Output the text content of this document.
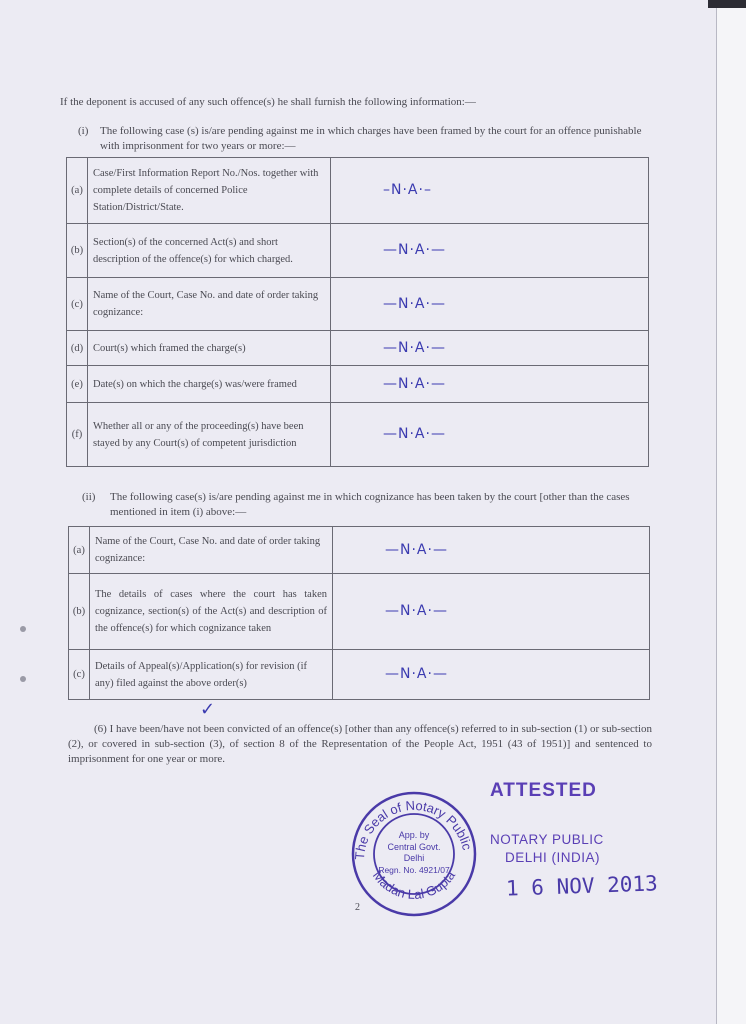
If the deponent is accused of any such offence(s) he shall furnish the following information:—
(i)	The following case (s) is/are pending against me in which charges have been framed by the court for an offence punishable with imprisonment for two years or more:—
(a)	Case/First Information Report No./Nos. together with complete details of concerned Police Station/District/State.	–N·A·–
(b)	Section(s) of the concerned Act(s) and short description of the offence(s) for which charged.	—N·A·—
(c)	Name of the Court, Case No. and date of order taking cognizance:	—N·A·—
(d)	Court(s) which framed the charge(s)	—N·A·—
(e)	Date(s) on which the charge(s) was/were framed	—N·A·—
(f)	Whether all or any of the proceeding(s) have been stayed by any Court(s) of competent jurisdiction	—N·A·—
(ii)	The following case(s) is/are pending against me in which cognizance has been taken by the court [other than the cases mentioned in item (i) above:—
(a)	Name of the Court, Case No. and date of order taking cognizance:	—N·A·—
(b)	The details of cases where the court has taken cognizance, section(s) of the Act(s) and description of the offence(s) for which cognizance taken	—N·A·—
(c)	Details of Appeal(s)/Application(s) for revision (if any) filed against the above order(s)	—N·A·—
✓
(6) I have been/have not been convicted of an offence(s) [other than any offence(s) referred to in sub-section (1) or sub-section (2), or covered in sub-section (3), of section 8 of the Representation of the People Act, 1951 (43 of 1951)] and sentenced to imprisonment for one year or more.
2
The Seal of Notary Public
Madan Lal Gupta
App. by
Central Govt.
Delhi
Regn. No. 4921/07
ATTESTED
NOTARY PUBLIC
DELHI (INDIA)
1 6 NOV 2013
